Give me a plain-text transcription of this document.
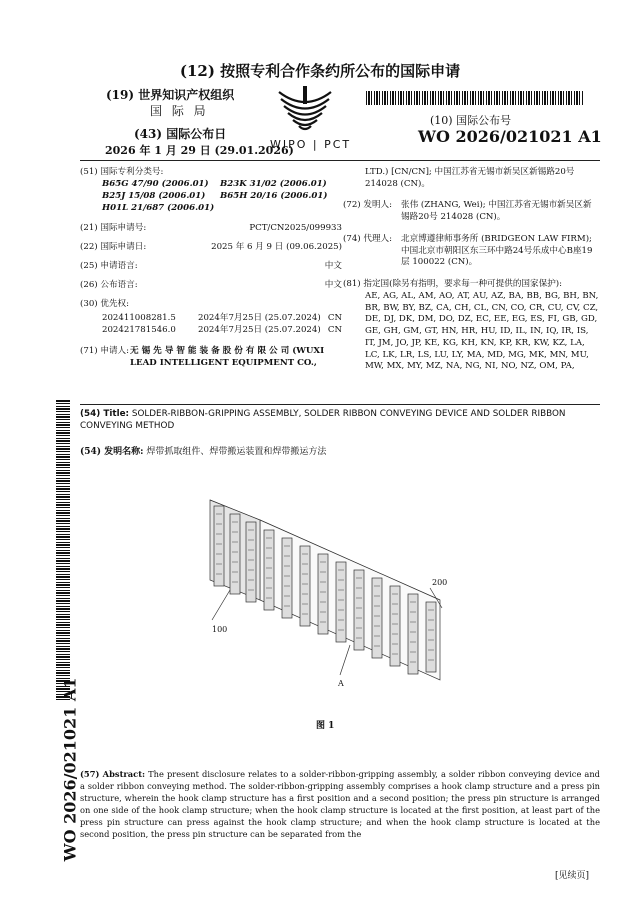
(12) 按照专利合作条约所公布的国际申请
(19) 世界知识产权组织
国 际 局
(43) 国际公布日
2026 年 1 月 29 日 (29.01.2026)
WIPO | PCT
(10) 国际公布号
WO 2026/021021 A1
(51) 国际专利分类号:
B65G 47/90 (2006.01) B23K 31/02 (2006.01)
B25J 15/08 (2006.01) B65H 20/16 (2006.01)
H01L 21/687 (2006.01)
(21) 国际申请号:	PCT/CN2025/099933
(22) 国际申请日:	2025 年 6 月 9 日 (09.06.2025)
(25) 申请语言:	中文
(26) 公布语言:	中文
(30) 优先权:
202411008281.5	2024年7月25日 (25.07.2024) CN
202421781546.0	2024年7月25日 (25.07.2024) CN
(71) 申请人: 无 锡 先 导 智 能 装 备 股 份 有 限 公 司 (WUXI LEAD INTELLIGENT EQUIPMENT CO.,
LTD.) [CN/CN]; 中国江苏省无锡市新吴区新锡路20号 214028 (CN)。
(72) 发明人:	张伟 (ZHANG, Wei); 中国江苏省无锡市新吴区新锡路20号 214028 (CN)。
(74) 代理人: 北京博遵律师事务所 (BRIDGEON LAW FIRM); 中国北京市朝阳区东三环中路24号乐成中心B座19层 100022 (CN)。
(81) 指定国(除另有指明，要求每一种可提供的国家保护):
AE, AG, AL, AM, AO, AT, AU, AZ, BA, BB, BG, BH, BN, BR, BW, BY, BZ, CA, CH, CL, CN, CO, CR, CU, CV, CZ, DE, DJ, DK, DM, DO, DZ, EC, EE, EG, ES, FI, GB, GD, GE, GH, GM, GT, HN, HR, HU, ID, IL, IN, IQ, IR, IS, IT, JM, JO, JP, KE, KG, KH, KN, KP, KR, KW, KZ, LA, LC, LK, LR, LS, LU, LY, MA, MD, MG, MK, MN, MU, MW, MX, MY, MZ, NA, NG, NI, NO, NZ, OM, PA,
WO 2026/021021 A1
(54) Title: SOLDER-RIBBON-GRIPPING ASSEMBLY, SOLDER RIBBON CONVEYING DEVICE AND SOLDER RIBBON CONVEYING METHOD
(54) 发明名称: 焊带抓取组件、焊带搬运装置和焊带搬运方法
100
200
A
图 1
(57) Abstract: The present disclosure relates to a solder-ribbon-gripping assembly, a solder ribbon conveying device and a solder ribbon conveying method. The solder-ribbon-gripping assembly comprises a hook clamp structure and a press pin structure, wherein the hook clamp structure has a first position and a second position; the press pin structure is arranged on one side of the hook clamp structure; when the hook clamp structure is located at the first position, at least part of the press pin structure can press against the hook clamp structure; and when the hook clamp structure is located at the second position, the press pin structure can be separated from the
[见续页]
